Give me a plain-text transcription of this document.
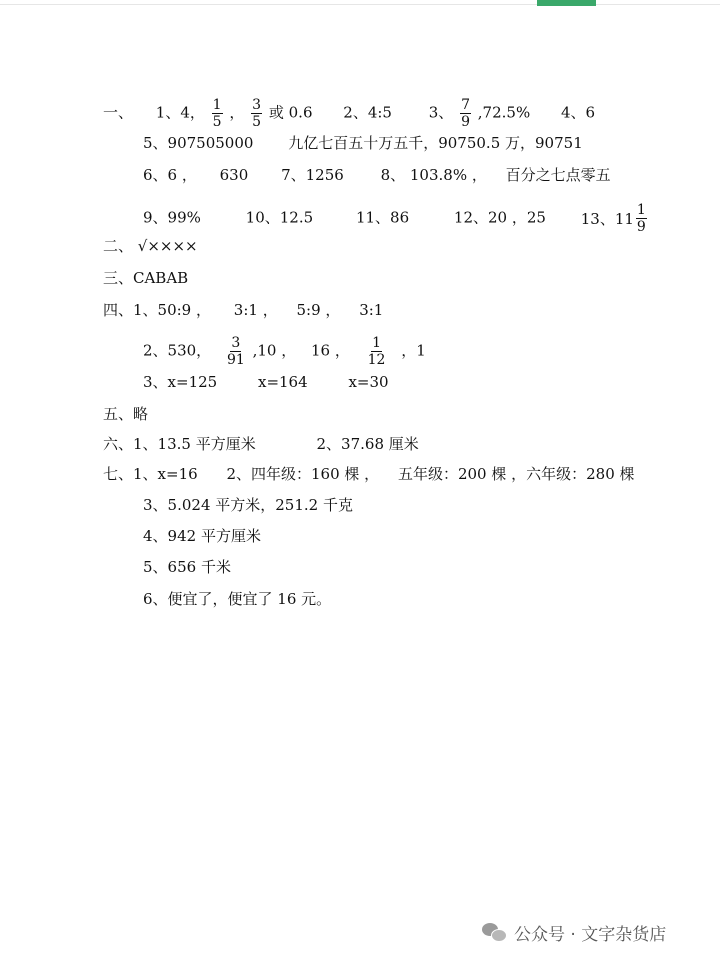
一、 1、4， $\frac{1}{5}$ ， $\frac{3}{5}$ 或 0.6 2、4:5 3、 $\frac{7}{9} ,72.5\%$ 4、6
5、907505000 九亿七百五十万五千，90750.5 万，90751
6、6 ， 630 7、1256 8、 103.8% ， 百分之七点零五
9、99%	10、12.5	11、86	12、20 ，25 13、$11 \frac{1}{9}$
二、 √××××
三、CABAB
四、1、50:9 ， 3:1 ， 5:9 ， 3:1
2、530， $\frac{3}{91} ,10$ ， 16 ， $\frac{1}{12}$ ，1
3、x=125	x=164	x=30
五、略
六、1、13.5 平方厘米	2、37.68 厘米
七、1、x=16 2、四年级：160 棵 ， 五年级：200 棵 ，六年级：280 棵
3、5.024 平方米，251.2 千克
4、942 平方厘米
5、656 千米
6、便宜了，便宜了 16 元。
公众号 · 文字杂货店
